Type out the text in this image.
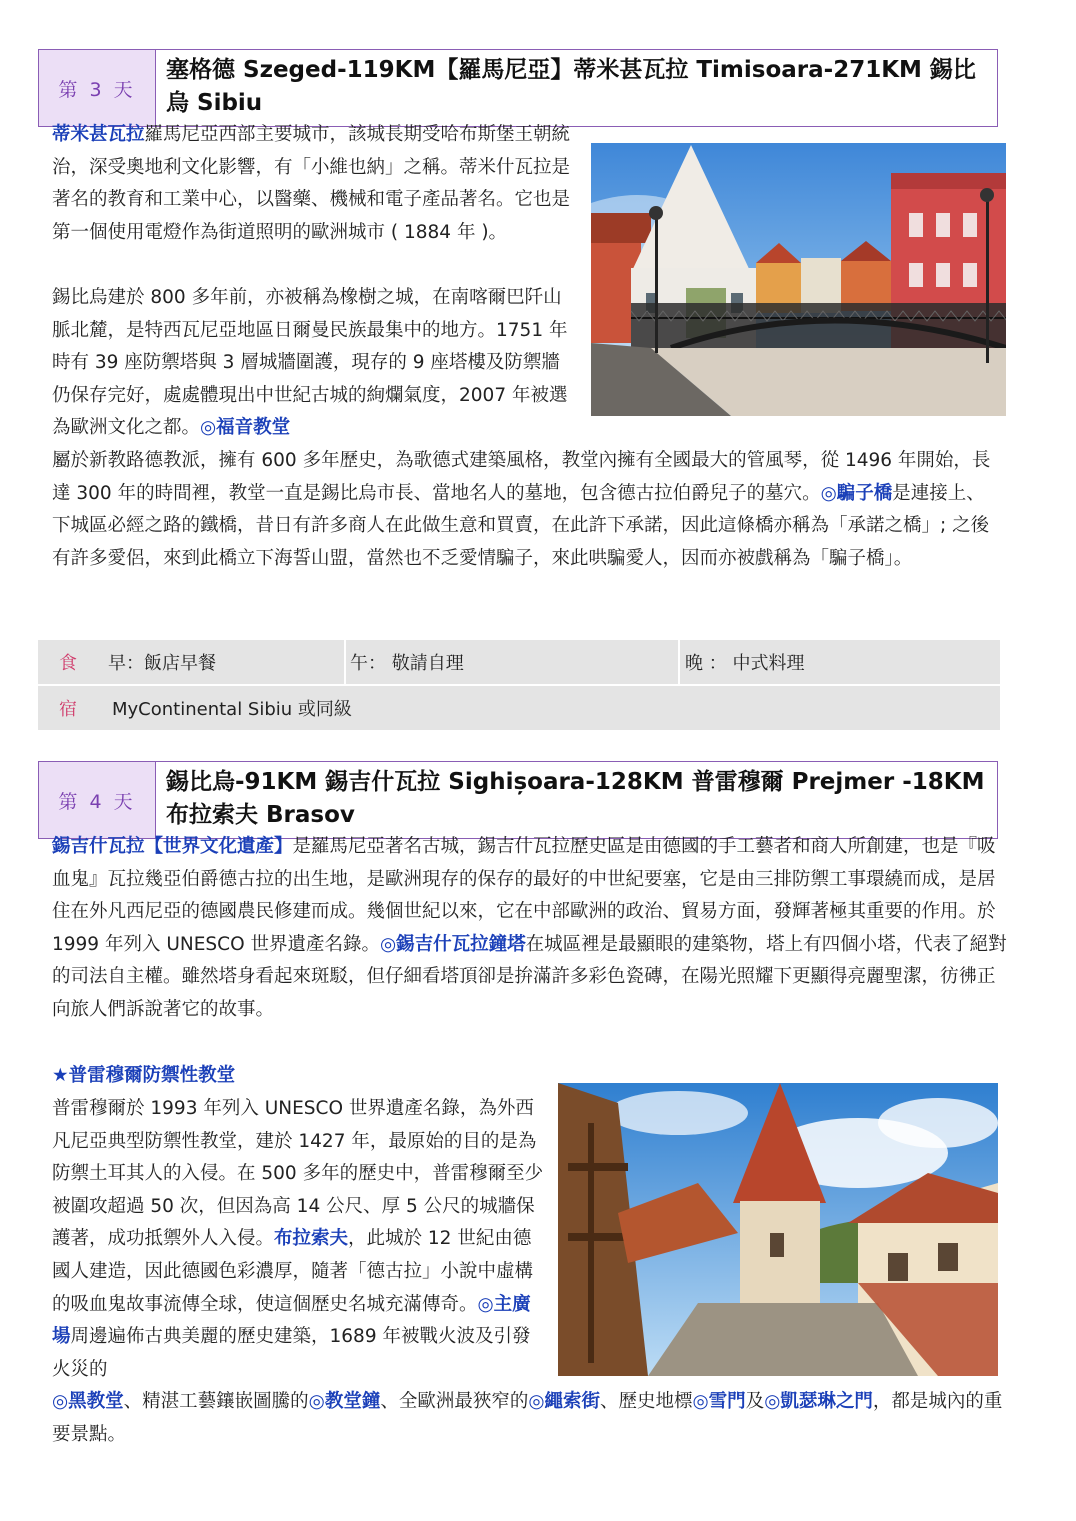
第 3 天
塞格德 Szeged-119KM【羅馬尼亞】蒂米甚瓦拉 Timisoara-271KM 錫比烏 Sibiu
蒂米甚瓦拉羅馬尼亞西部主要城市，該城長期受哈布斯堡王朝統治，深受奧地利文化影響，有「小維也納」之稱。蒂米什瓦拉是著名的教育和工業中心，以醫藥、機械和電子產品著名。它也是第一個使用電燈作為街道照明的歐洲城市 ( 1884 年 )。
錫比烏建於 800 多年前，亦被稱為橡樹之城，在南喀爾巴阡山脈北麓，是特西瓦尼亞地區日爾曼民族最集中的地方。1751 年時有 39 座防禦塔與 3 層城牆圍護，現存的 9 座塔樓及防禦牆仍保存完好，處處體現出中世紀古城的絢爛氣度，2007 年被選為歐洲文化之都。◎福音教堂
屬於新教路德教派，擁有 600 多年歷史，為歌德式建築風格，教堂內擁有全國最大的管風琴，從 1496 年開始，長達 300 年的時間裡，教堂一直是錫比烏市長、當地名人的墓地，包含德古拉伯爵兒子的墓穴。◎騙子橋是連接上、下城區必經之路的鐵橋，昔日有許多商人在此做生意和買賣，在此許下承諾，因此這條橋亦稱為「承諾之橋」; 之後有許多愛侶，來到此橋立下海誓山盟，當然也不乏愛情騙子，來此哄騙愛人，因而亦被戲稱為「騙子橋」。
食	早：飯店早餐	午： 敬請自理	晚 ： 中式料理
宿	MyContinental Sibiu 或同級
第 4 天
錫比烏-91KM 錫吉什瓦拉 Sighișoara-128KM 普雷穆爾 Prejmer -18KM 布拉索夫 Brasov
錫吉什瓦拉【世界文化遺產】是羅馬尼亞著名古城，錫吉什瓦拉歷史區是由德國的手工藝者和商人所創建，也是『吸血鬼』瓦拉幾亞伯爵德古拉的出生地，是歐洲現存的保存的最好的中世紀要塞，它是由三排防禦工事環繞而成，是居住在外凡西尼亞的德國農民修建而成。幾個世紀以來，它在中部歐洲的政治、貿易方面，發輝著極其重要的作用。於 1999 年列入 UNESCO 世界遺產名錄。◎錫吉什瓦拉鐘塔在城區裡是最顯眼的建築物，塔上有四個小塔，代表了絕對的司法自主權。雖然塔身看起來斑駁，但仔細看塔頂卻是拚滿許多彩色瓷磚，在陽光照耀下更顯得亮麗聖潔，彷彿正向旅人們訴說著它的故事。
★普雷穆爾防禦性教堂
普雷穆爾於 1993 年列入 UNESCO 世界遺產名錄，為外西凡尼亞典型防禦性教堂，建於 1427 年，最原始的目的是為防禦土耳其人的入侵。在 500 多年的歷史中，普雷穆爾至少被圍攻超過 50 次，但因為高 14 公尺、厚 5 公尺的城牆保護著，成功抵禦外人入侵。布拉索夫，此城於 12 世紀由德國人建造，因此德國色彩濃厚，隨著「德古拉」小說中虛構的吸血鬼故事流傳全球，使這個歷史名城充滿傳奇。◎主廣場周邊遍佈古典美麗的歷史建築，1689 年被戰火波及引發火災的
◎黑教堂、精湛工藝鑲嵌圖騰的◎教堂鐘、全歐洲最狹窄的◎繩索街、歷史地標◎雪門及◎凱瑟琳之門，都是城內的重要景點。
